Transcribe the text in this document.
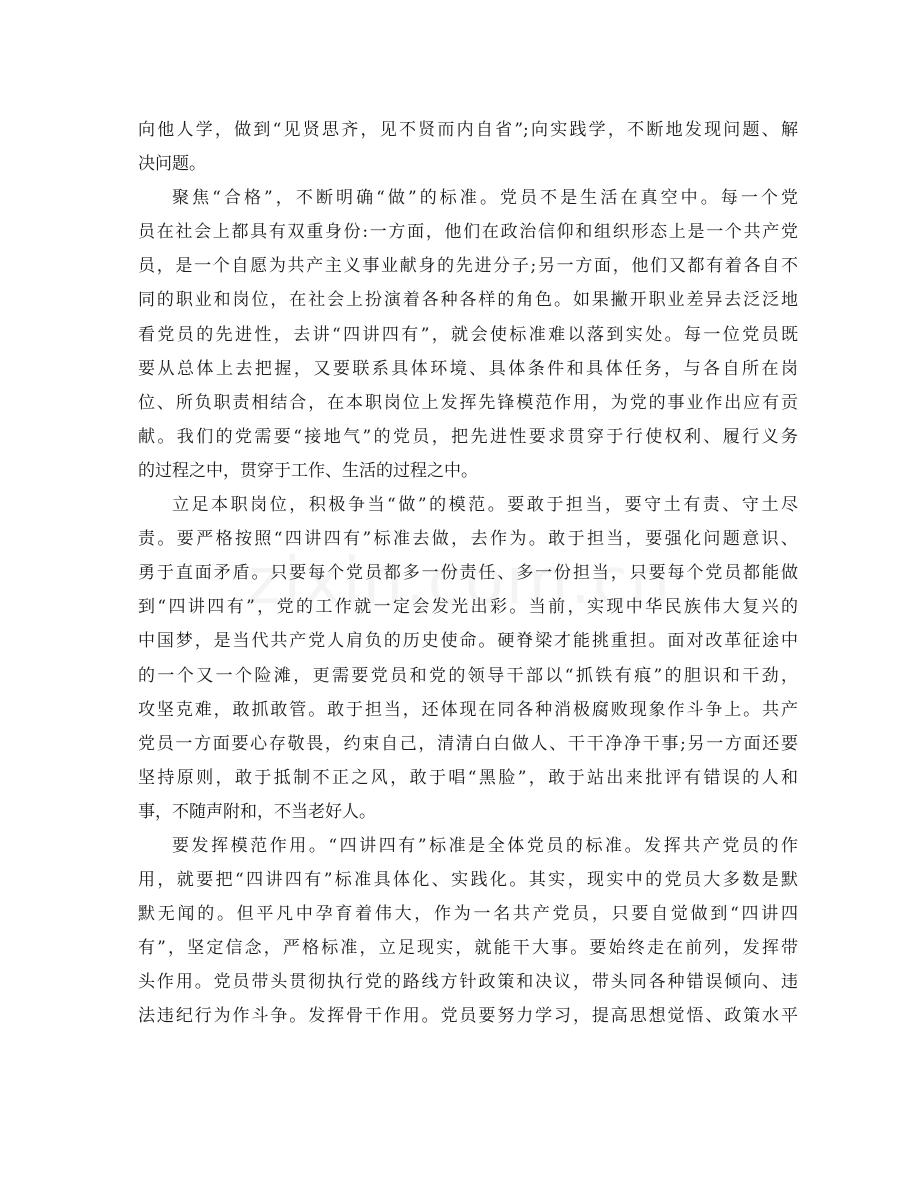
向他人学，做到“见贤思齐，见不贤而内自省”;向实践学，不断地发现问题、解
决问题。
聚焦“合格”，不断明确“做”的标准。党员不是生活在真空中。每一个党
员在社会上都具有双重身份:一方面，他们在政治信仰和组织形态上是一个共产党
员，是一个自愿为共产主义事业献身的先进分子;另一方面，他们又都有着各自不
同的职业和岗位，在社会上扮演着各种各样的角色。如果撇开职业差异去泛泛地
看党员的先进性，去讲“四讲四有”，就会使标准难以落到实处。每一位党员既
要从总体上去把握，又要联系具体环境、具体条件和具体任务，与各自所在岗
位、所负职责相结合，在本职岗位上发挥先锋模范作用，为党的事业作出应有贡
献。我们的党需要“接地气”的党员，把先进性要求贯穿于行使权利、履行义务
的过程之中，贯穿于工作、生活的过程之中。
立足本职岗位，积极争当“做”的模范。要敢于担当，要守土有责、守土尽
责。要严格按照“四讲四有”标准去做，去作为。敢于担当，要强化问题意识、
勇于直面矛盾。只要每个党员都多一份责任、多一份担当，只要每个党员都能做
到“四讲四有”，党的工作就一定会发光出彩。当前，实现中华民族伟大复兴的
中国梦，是当代共产党人肩负的历史使命。硬脊梁才能挑重担。面对改革征途中
的一个又一个险滩，更需要党员和党的领导干部以“抓铁有痕”的胆识和干劲，
攻坚克难，敢抓敢管。敢于担当，还体现在同各种消极腐败现象作斗争上。共产
党员一方面要心存敬畏，约束自己，清清白白做人、干干净净干事;另一方面还要
坚持原则，敢于抵制不正之风，敢于唱“黑脸”，敢于站出来批评有错误的人和
事，不随声附和，不当老好人。
要发挥模范作用。“四讲四有”标准是全体党员的标准。发挥共产党员的作
用，就要把“四讲四有”标准具体化、实践化。其实，现实中的党员大多数是默
默无闻的。但平凡中孕育着伟大，作为一名共产党员，只要自觉做到“四讲四
有”，坚定信念，严格标准，立足现实，就能干大事。要始终走在前列，发挥带
头作用。党员带头贯彻执行党的路线方针政策和决议，带头同各种错误倾向、违
法违纪行为作斗争。发挥骨干作用。党员要努力学习，提高思想觉悟、政策水平
